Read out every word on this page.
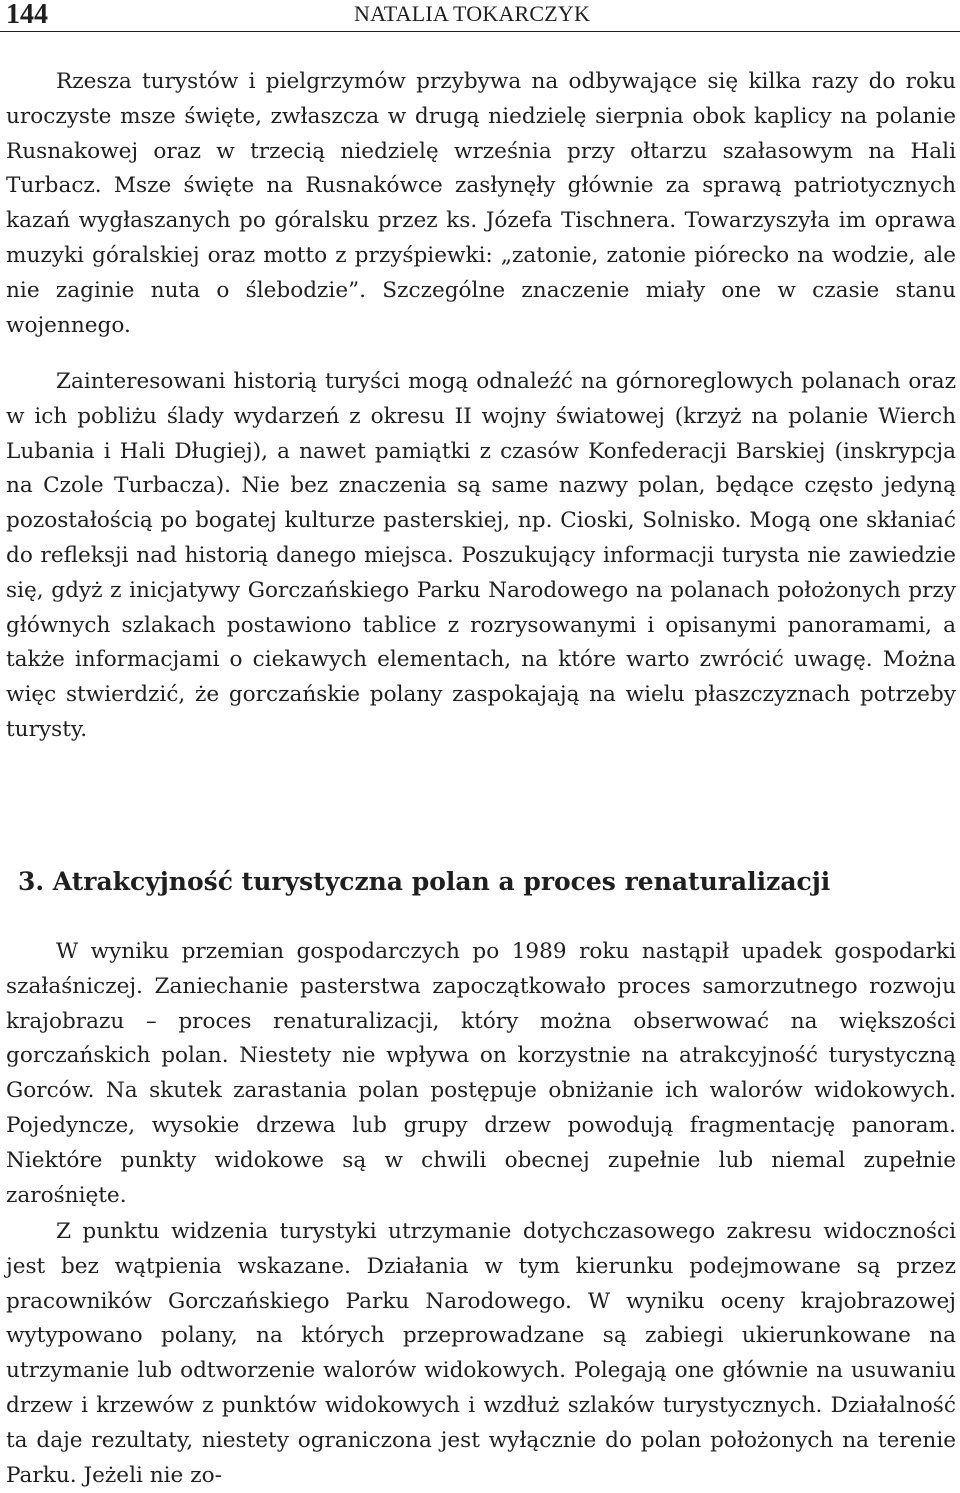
144	NATALIA TOKARCZYK

Rzesza turystów i pielgrzymów przybywa na odbywające się kilka razy do roku uroczyste msze święte, zwłaszcza w drugą niedzielę sierpnia obok kaplicy na polanie Rusnakowej oraz w trzecią niedzielę września przy ołtarzu szałasowym na Hali Turbacz. Msze święte na Rusnakówce zasłynęły głównie za sprawą patriotycznych kazań wygłaszanych po góralsku przez ks. Józefa Tischnera. Towarzyszyła im oprawa muzyki góralskiej oraz motto z przyśpiewki: „zatonie, zatonie piórecko na wodzie, ale nie zaginie nuta o ślebodzie”. Szczególne znaczenie miały one w czasie stanu wojennego.

Zainteresowani historią turyści mogą odnaleźć na górnoreglowych polanach oraz w ich pobliżu ślady wydarzeń z okresu II wojny światowej (krzyż na polanie Wierch Lubania i Hali Długiej), a nawet pamiątki z czasów Konfederacji Barskiej (inskrypcja na Czole Turbacza). Nie bez znaczenia są same nazwy polan, będące często jedyną pozostałością po bogatej kulturze pasterskiej, np. Cioski, Solnisko. Mogą one skłaniać do refleksji nad historią danego miejsca. Poszukujący informacji turysta nie zawiedzie się, gdyż z inicjatywy Gorczańskiego Parku Narodowego na polanach położonych przy głównych szlakach postawiono tablice z rozrysowanymi i opisanymi panoramami, a także informacjami o ciekawych elementach, na które warto zwrócić uwagę. Można więc stwierdzić, że gorczańskie polany zaspokajają na wielu płaszczyznach potrzeby turysty.

3. Atrakcyjność turystyczna polan a proces renaturalizacji

W wyniku przemian gospodarczych po 1989 roku nastąpił upadek gospodarki szałaśniczej. Zaniechanie pasterstwa zapoczątkowało proces samorzutnego rozwoju krajobrazu – proces renaturalizacji, który można obserwować na większości gorczańskich polan. Niestety nie wpływa on korzystnie na atrakcyjność turystyczną Gorców. Na skutek zarastania polan postępuje obniżanie ich walorów widokowych. Pojedyncze, wysokie drzewa lub grupy drzew powodują fragmentację panoram. Niektóre punkty widokowe są w chwili obecnej zupełnie lub niemal zupełnie zarośnięte.

Z punktu widzenia turystyki utrzymanie dotychczasowego zakresu widoczności jest bez wątpienia wskazane. Działania w tym kierunku podejmowane są przez pracowników Gorczańskiego Parku Narodowego. W wyniku oceny krajobrazowej wytypowano polany, na których przeprowadzane są zabiegi ukierunkowane na utrzymanie lub odtworzenie walorów widokowych. Polegają one głównie na usuwaniu drzew i krzewów z punktów widokowych i wzdłuż szlaków turystycznych. Działalność ta daje rezultaty, niestety ograniczona jest wyłącznie do polan położonych na terenie Parku. Jeżeli nie zo-
